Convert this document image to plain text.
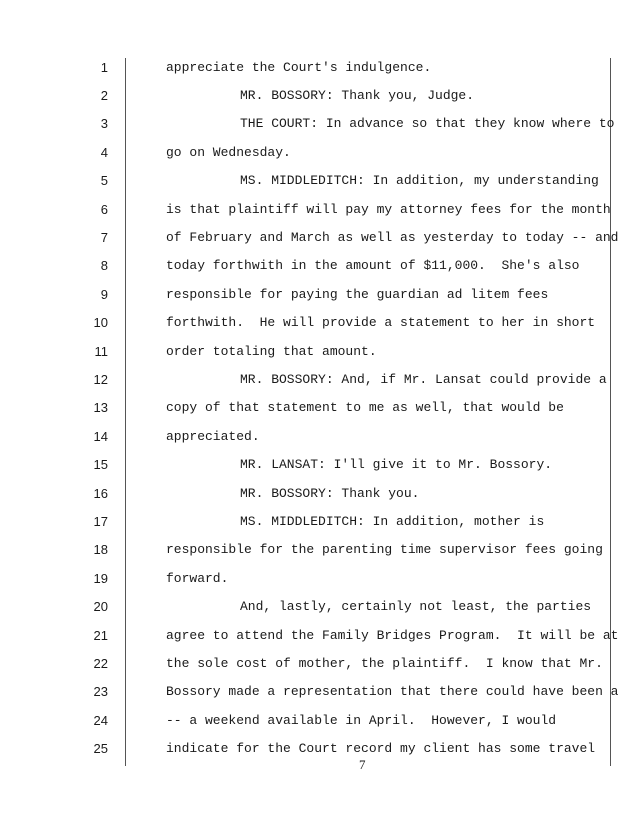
1	appreciate the Court's indulgence.
2	MR. BOSSORY: Thank you, Judge.
3	THE COURT: In advance so that they know where to
4	go on Wednesday.
5	MS. MIDDLEDITCH: In addition, my understanding
6	is that plaintiff will pay my attorney fees for the month
7	of February and March as well as yesterday to today -- and
8	today forthwith in the amount of $11,000.  She's also
9	responsible for paying the guardian ad litem fees
10	forthwith.  He will provide a statement to her in short
11	order totaling that amount.
12	MR. BOSSORY: And, if Mr. Lansat could provide a
13	copy of that statement to me as well, that would be
14	appreciated.
15	MR. LANSAT: I'll give it to Mr. Bossory.
16	MR. BOSSORY: Thank you.
17	MS. MIDDLEDITCH: In addition, mother is
18	responsible for the parenting time supervisor fees going
19	forward.
20	And, lastly, certainly not least, the parties
21	agree to attend the Family Bridges Program.  It will be at
22	the sole cost of mother, the plaintiff.  I know that Mr.
23	Bossory made a representation that there could have been a
24	-- a weekend available in April.  However, I would
25	indicate for the Court record my client has some travel
7
